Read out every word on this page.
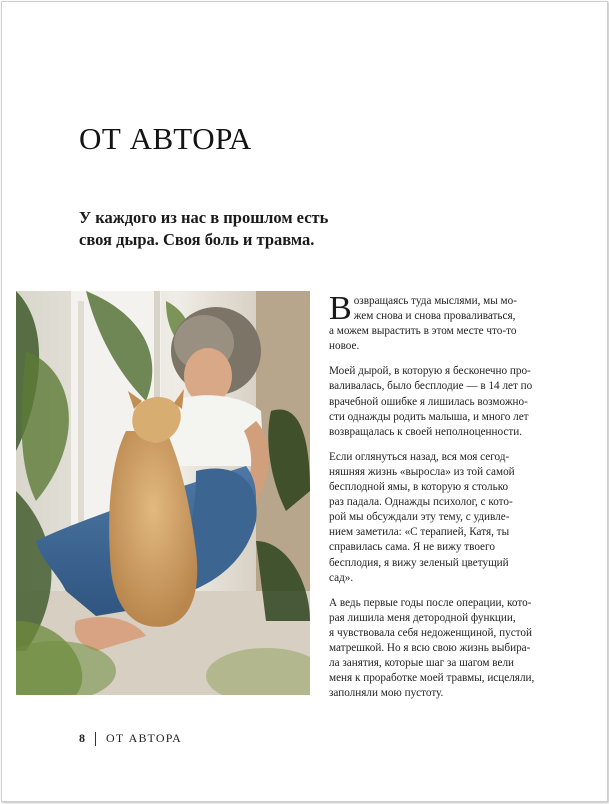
ОТ АВТОРА
У каждого из нас в прошлом есть
своя дыра. Своя боль и травма.

В озвращаясь туда мыслями, мы мо-
жем снова и снова проваливаться,
а можем вырастить в этом месте что-то
новое.

Моей дырой, в которую я бесконечно про-
валивалась, было бесплодие — в 14 лет по
врачебной ошибке я лишилась возможно-
сти однажды родить малыша, и много лет
возвращалась к своей неполноценности.

Если оглянуться назад, вся моя сегод-
няшняя жизнь «выросла» из той самой
бесплодной ямы, в которую я столько
раз падала. Однажды психолог, с кото-
рой мы обсуждали эту тему, с удивле-
нием заметила: «С терапией, Катя, ты
справилась сама. Я не вижу твоего
бесплодия, я вижу зеленый цветущий
сад».

А ведь первые годы после операции, кото-
рая лишила меня детородной функции,
я чувствовала себя недоженщиной, пустой
матрешкой. Но я всю свою жизнь выбира-
ла занятия, которые шаг за шагом вели
меня к проработке моей травмы, исцеляли,
заполняли мою пустоту.

8 ОТ АВТОРА
